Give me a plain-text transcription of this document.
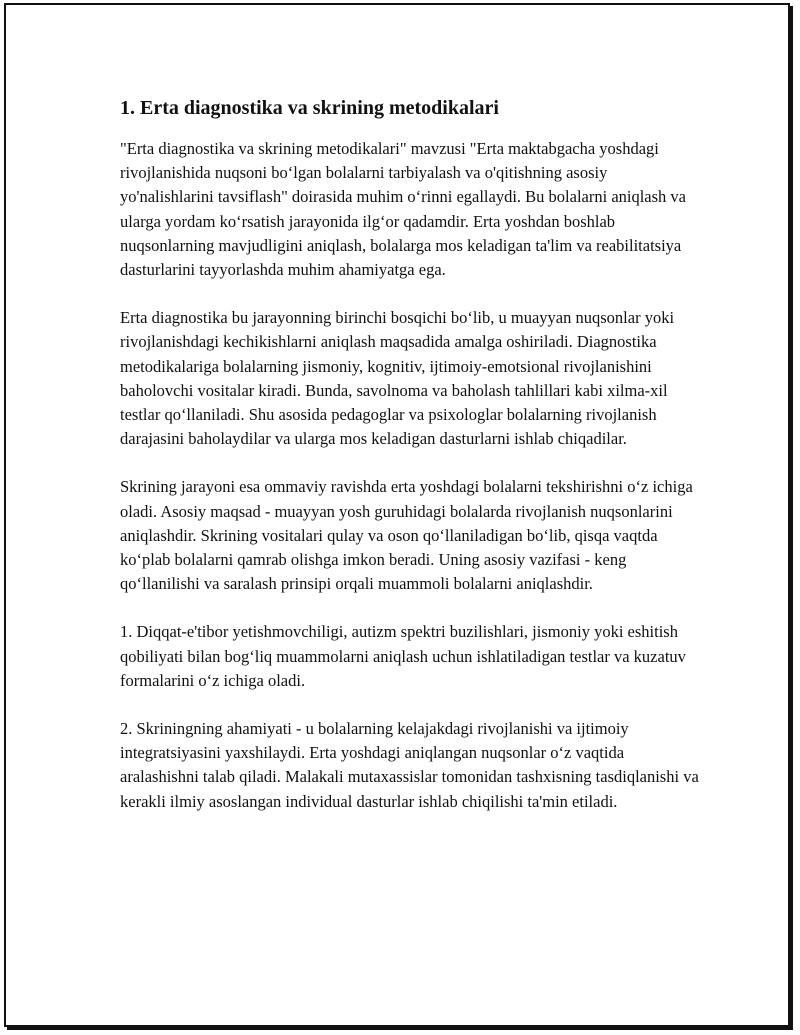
1. Erta diagnostika va skrining metodikalari

"Erta diagnostika va skrining metodikalari" mavzusi "Erta maktabgacha yoshdagi rivojlanishida nuqsoni bo‘lgan bolalarni tarbiyalash va o'qitishning asosiy yo'nalishlarini tavsiflash" doirasida muhim o‘rinni egallaydi. Bu bolalarni aniqlash va ularga yordam ko‘rsatish jarayonida ilg‘or qadamdir. Erta yoshdan boshlab nuqsonlarning mavjudligini aniqlash, bolalarga mos keladigan ta'lim va reabilitatsiya dasturlarini tayyorlashda muhim ahamiyatga ega.

Erta diagnostika bu jarayonning birinchi bosqichi bo‘lib, u muayyan nuqsonlar yoki rivojlanishdagi kechikishlarni aniqlash maqsadida amalga oshiriladi. Diagnostika metodikalariga bolalarning jismoniy, kognitiv, ijtimoiy-emotsional rivojlanishini baholovchi vositalar kiradi. Bunda, savolnoma va baholash tahlillari kabi xilma-xil testlar qo‘llaniladi. Shu asosida pedagoglar va psixologlar bolalarning rivojlanish darajasini baholaydilar va ularga mos keladigan dasturlarni ishlab chiqadilar.

Skrining jarayoni esa ommaviy ravishda erta yoshdagi bolalarni tekshirishni o‘z ichiga oladi. Asosiy maqsad - muayyan yosh guruhidagi bolalarda rivojlanish nuqsonlarini aniqlashdir. Skrining vositalari qulay va oson qo‘llaniladigan bo‘lib, qisqa vaqtda ko‘plab bolalarni qamrab olishga imkon beradi. Uning asosiy vazifasi - keng qo‘llanilishi va saralash prinsipi orqali muammoli bolalarni aniqlashdir.

1. Diqqat-e'tibor yetishmovchiligi, autizm spektri buzilishlari, jismoniy yoki eshitish qobiliyati bilan bog‘liq muammolarni aniqlash uchun ishlatiladigan testlar va kuzatuv formalarini o‘z ichiga oladi.

2. Skriningning ahamiyati - u bolalarning kelajakdagi rivojlanishi va ijtimoiy integratsiyasini yaxshilaydi. Erta yoshdagi aniqlangan nuqsonlar o‘z vaqtida aralashishni talab qiladi. Malakali mutaxassislar tomonidan tashxisning tasdiqlanishi va kerakli ilmiy asoslangan individual dasturlar ishlab chiqilishi ta'min etiladi.
